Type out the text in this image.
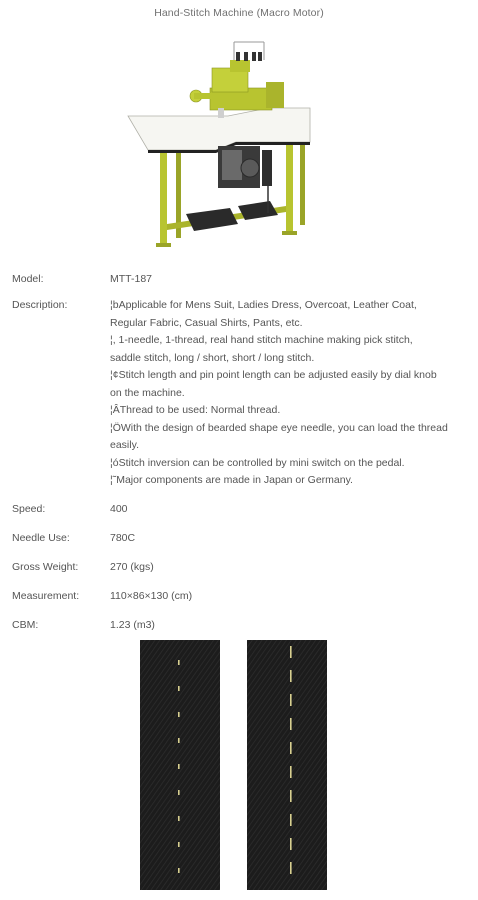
Hand-Stitch Machine (Macro Motor)
Model:	MTT-187
Description:	¦bApplicable for Mens Suit, Ladies Dress, Overcoat, Leather Coat,
Regular Fabric, Casual Shirts, Pants, etc.
¦, 1-needle, 1-thread, real hand stitch machine making pick stitch,
saddle stitch, long / short, short / long stitch.
¦¢Stitch length and pin point length can be adjusted easily by dial knob
on the machine.
¦ÂThread to be used: Normal thread.
¦ÖWith the design of bearded shape eye needle, you can load the thread
easily.
¦óStitch inversion can be controlled by mini switch on the pedal.
¦˜Major components are made in Japan or Germany.
Speed:	400
Needle Use:	780C
Gross Weight:	270 (kgs)
Measurement:	110×86×130 (cm)
CBM:	1.23 (m3)
